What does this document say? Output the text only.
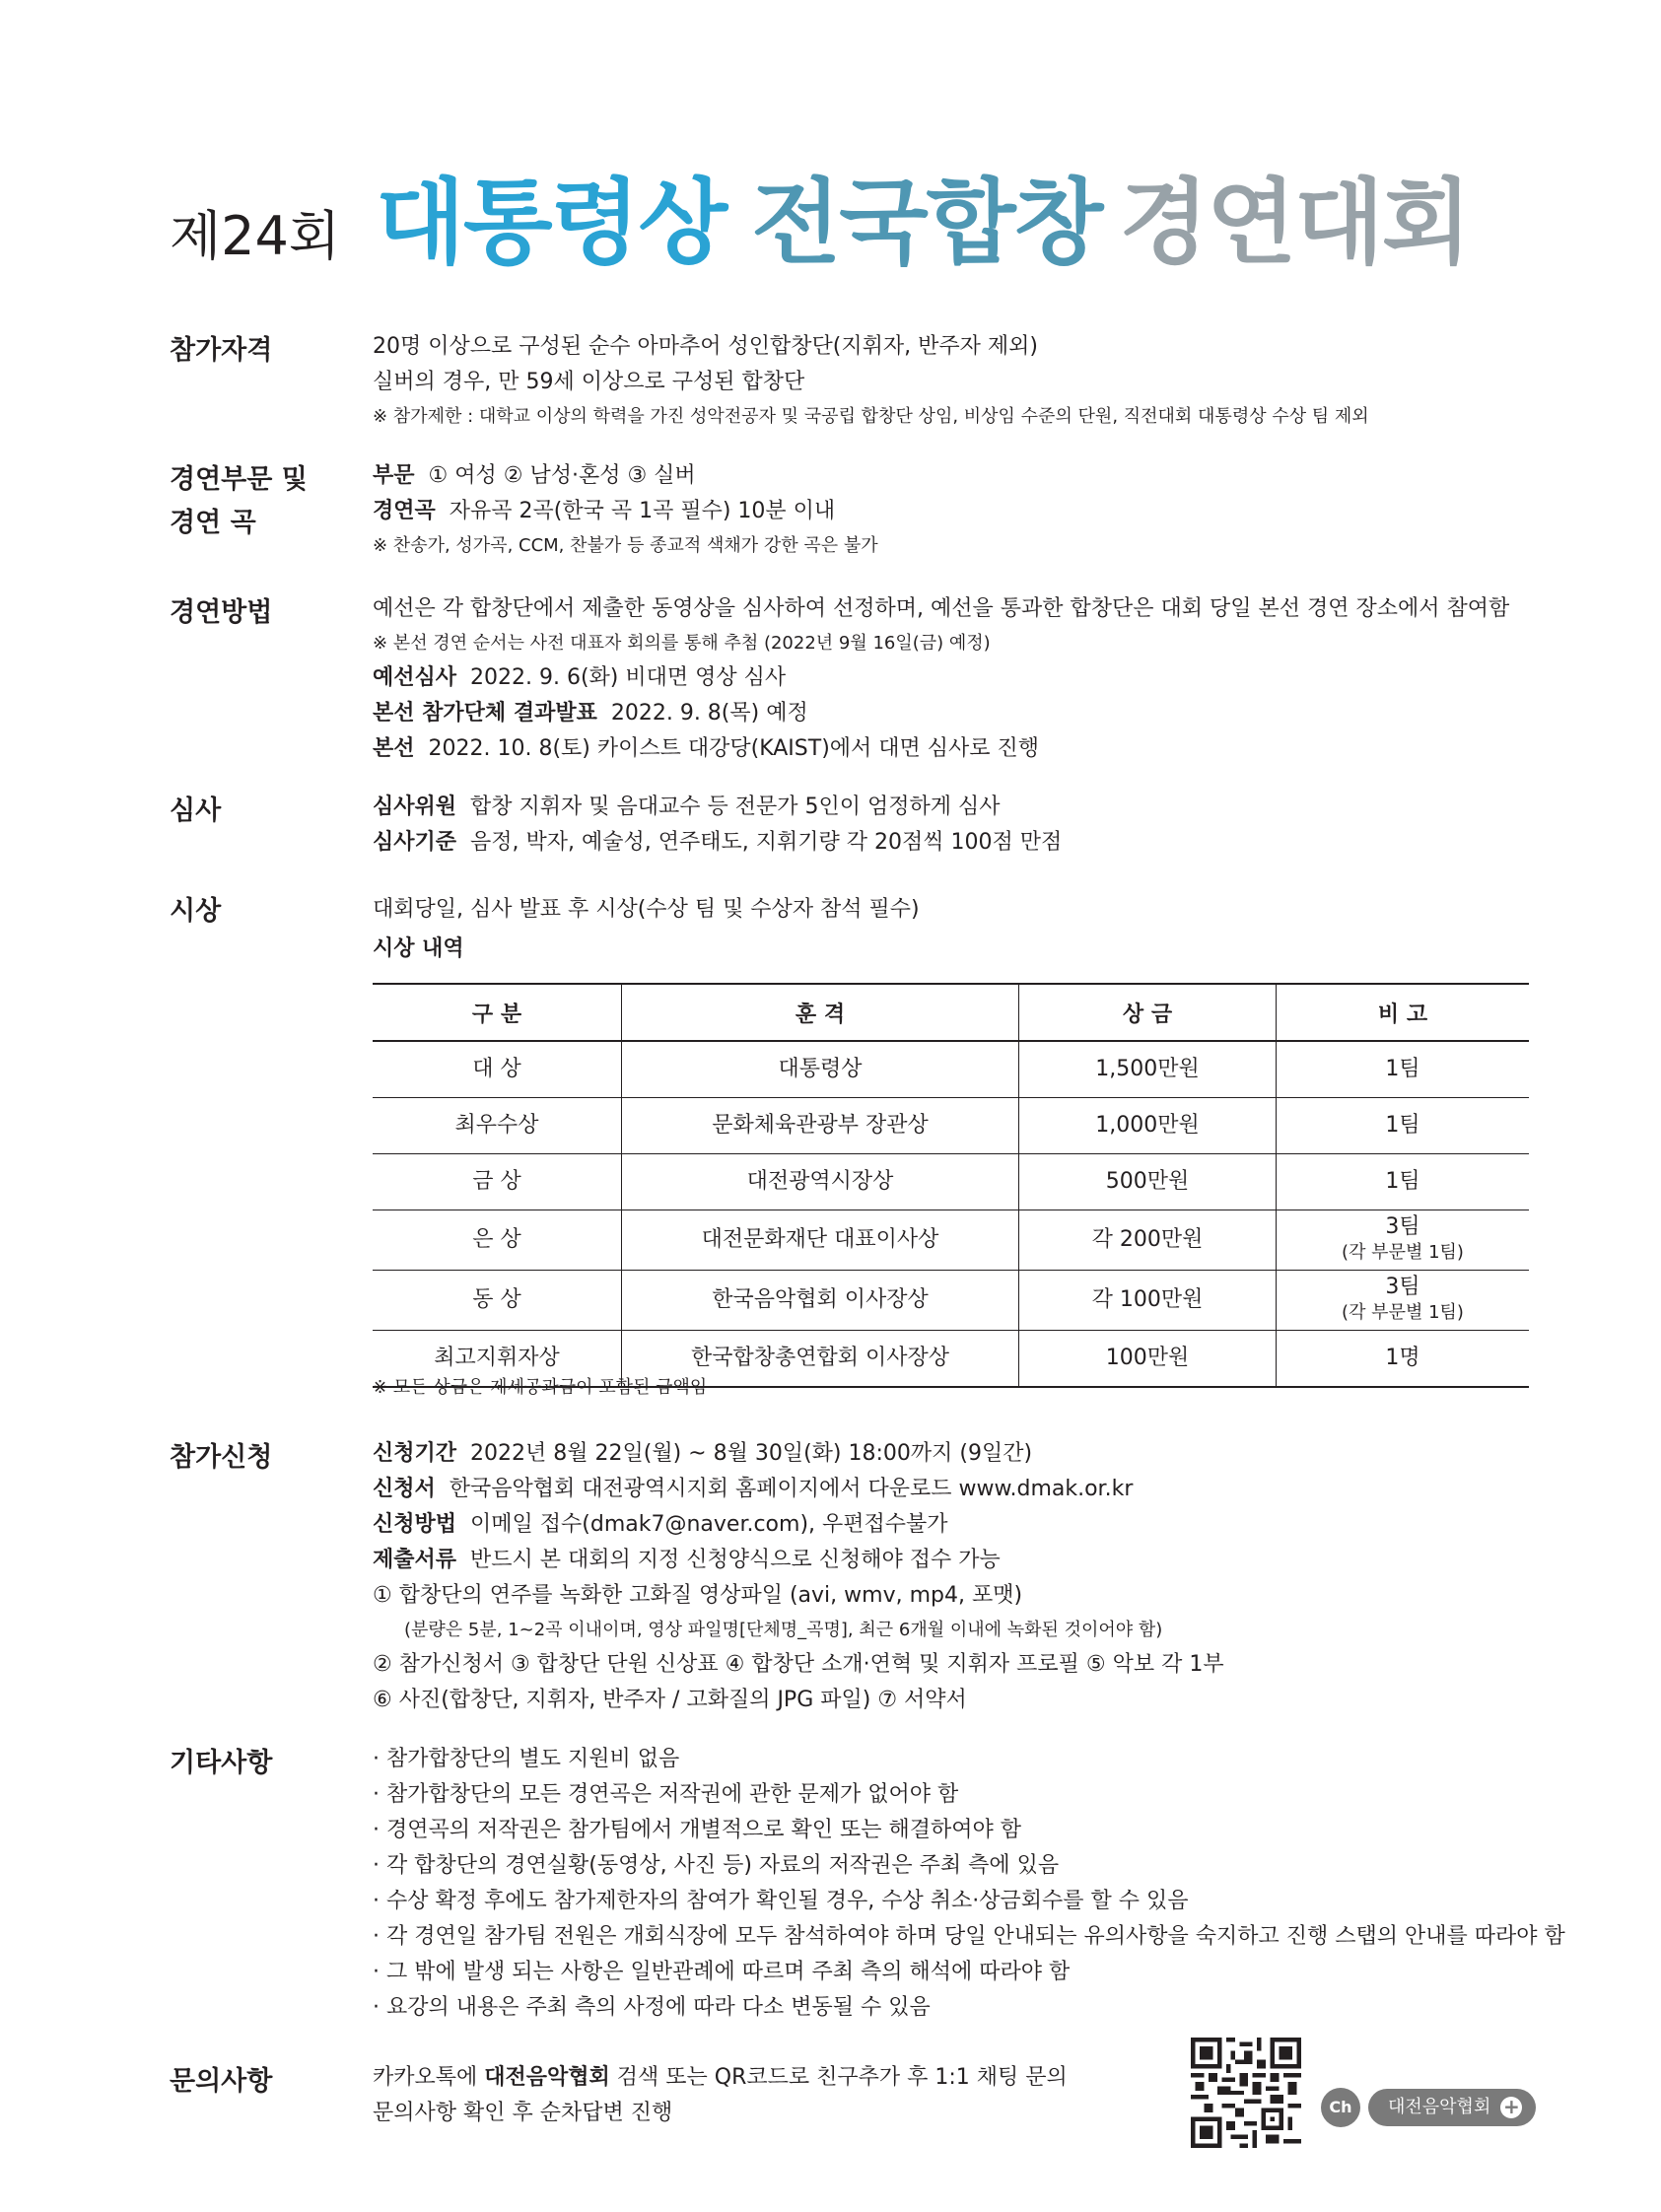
제24회 대통령상 전국합창 경연대회
참가자격	20명 이상으로 구성된 순수 아마추어 성인합창단(지휘자, 반주자 제외)
실버의 경우, 만 59세 이상으로 구성된 합창단
※ 참가제한 : 대학교 이상의 학력을 가진 성악전공자 및 국공립 합창단 상임, 비상임 수준의 단원, 직전대회 대통령상 수상 팀 제외
경연부문 및
경연 곡
부문 ① 여성 ② 남성·혼성 ③ 실버
경연곡 자유곡 2곡(한국 곡 1곡 필수) 10분 이내
※ 찬송가, 성가곡, CCM, 찬불가 등 종교적 색채가 강한 곡은 불가
경연방법	예선은 각 합창단에서 제출한 동영상을 심사하여 선정하며, 예선을 통과한 합창단은 대회 당일 본선 경연 장소에서 참여함
※ 본선 경연 순서는 사전 대표자 회의를 통해 추첨 (2022년 9월 16일(금) 예정)
예선심사 2022. 9. 6(화) 비대면 영상 심사
본선 참가단체 결과발표 2022. 9. 8(목) 예정
본선 2022. 10. 8(토) 카이스트 대강당(KAIST)에서 대면 심사로 진행
심사	심사위원 합창 지휘자 및 음대교수 등 전문가 5인이 엄정하게 심사
심사기준 음정, 박자, 예술성, 연주태도, 지휘기량 각 20점씩 100점 만점
시상	대회당일, 심사 발표 후 시상(수상 팀 및 수상자 참석 필수)
시상 내역
구 분	훈 격	상 금	비 고
대 상	대통령상	1,500만원	1팀
최우수상	문화체육관광부 장관상	1,000만원	1팀
금 상	대전광역시장상	500만원	1팀
은 상	대전문화재단 대표이사상	각 200만원	3팀
(각 부문별 1팀)

동 상	한국음악협회 이사장상	각 100만원	3팀
(각 부문별 1팀)

최고지휘자상	한국합창총연합회 이사장상	100만원	1명
※ 모든 상금은 제세공과금이 포함된 금액임
참가신청	신청기간 2022년 8월 22일(월) ~ 8월 30일(화) 18:00까지 (9일간)
신청서 한국음악협회 대전광역시지회 홈페이지에서 다운로드 www.dmak.or.kr
신청방법 이메일 접수(dmak7@naver.com), 우편접수불가
제출서류 반드시 본 대회의 지정 신청양식으로 신청해야 접수 가능
① 합창단의 연주를 녹화한 고화질 영상파일 (avi, wmv, mp4, 포맷)
(분량은 5분, 1~2곡 이내이며, 영상 파일명[단체명_곡명], 최근 6개월 이내에 녹화된 것이어야 함)
② 참가신청서 ③ 합창단 단원 신상표 ④ 합창단 소개·연혁 및 지휘자 프로필 ⑤ 악보 각 1부
⑥ 사진(합창단, 지휘자, 반주자 / 고화질의 JPG 파일) ⑦ 서약서
기타사항	· 참가합창단의 별도 지원비 없음
· 참가합창단의 모든 경연곡은 저작권에 관한 문제가 없어야 함
· 경연곡의 저작권은 참가팀에서 개별적으로 확인 또는 해결하여야 함
· 각 합창단의 경연실황(동영상, 사진 등) 자료의 저작권은 주최 측에 있음
· 수상 확정 후에도 참가제한자의 참여가 확인될 경우, 수상 취소·상금회수를 할 수 있음
· 각 경연일 참가팀 전원은 개회식장에 모두 참석하여야 하며 당일 안내되는 유의사항을 숙지하고 진행 스탭의 안내를 따라야 함
· 그 밖에 발생 되는 사항은 일반관례에 따르며 주최 측의 해석에 따라야 함
· 요강의 내용은 주최 측의 사정에 따라 다소 변동될 수 있음
문의사항	카카오톡에 대전음악협회 검색 또는 QR코드로 친구추가 후 1:1 채팅 문의
문의사항 확인 후 순차답변 진행	Ch 대전음악협회 +
